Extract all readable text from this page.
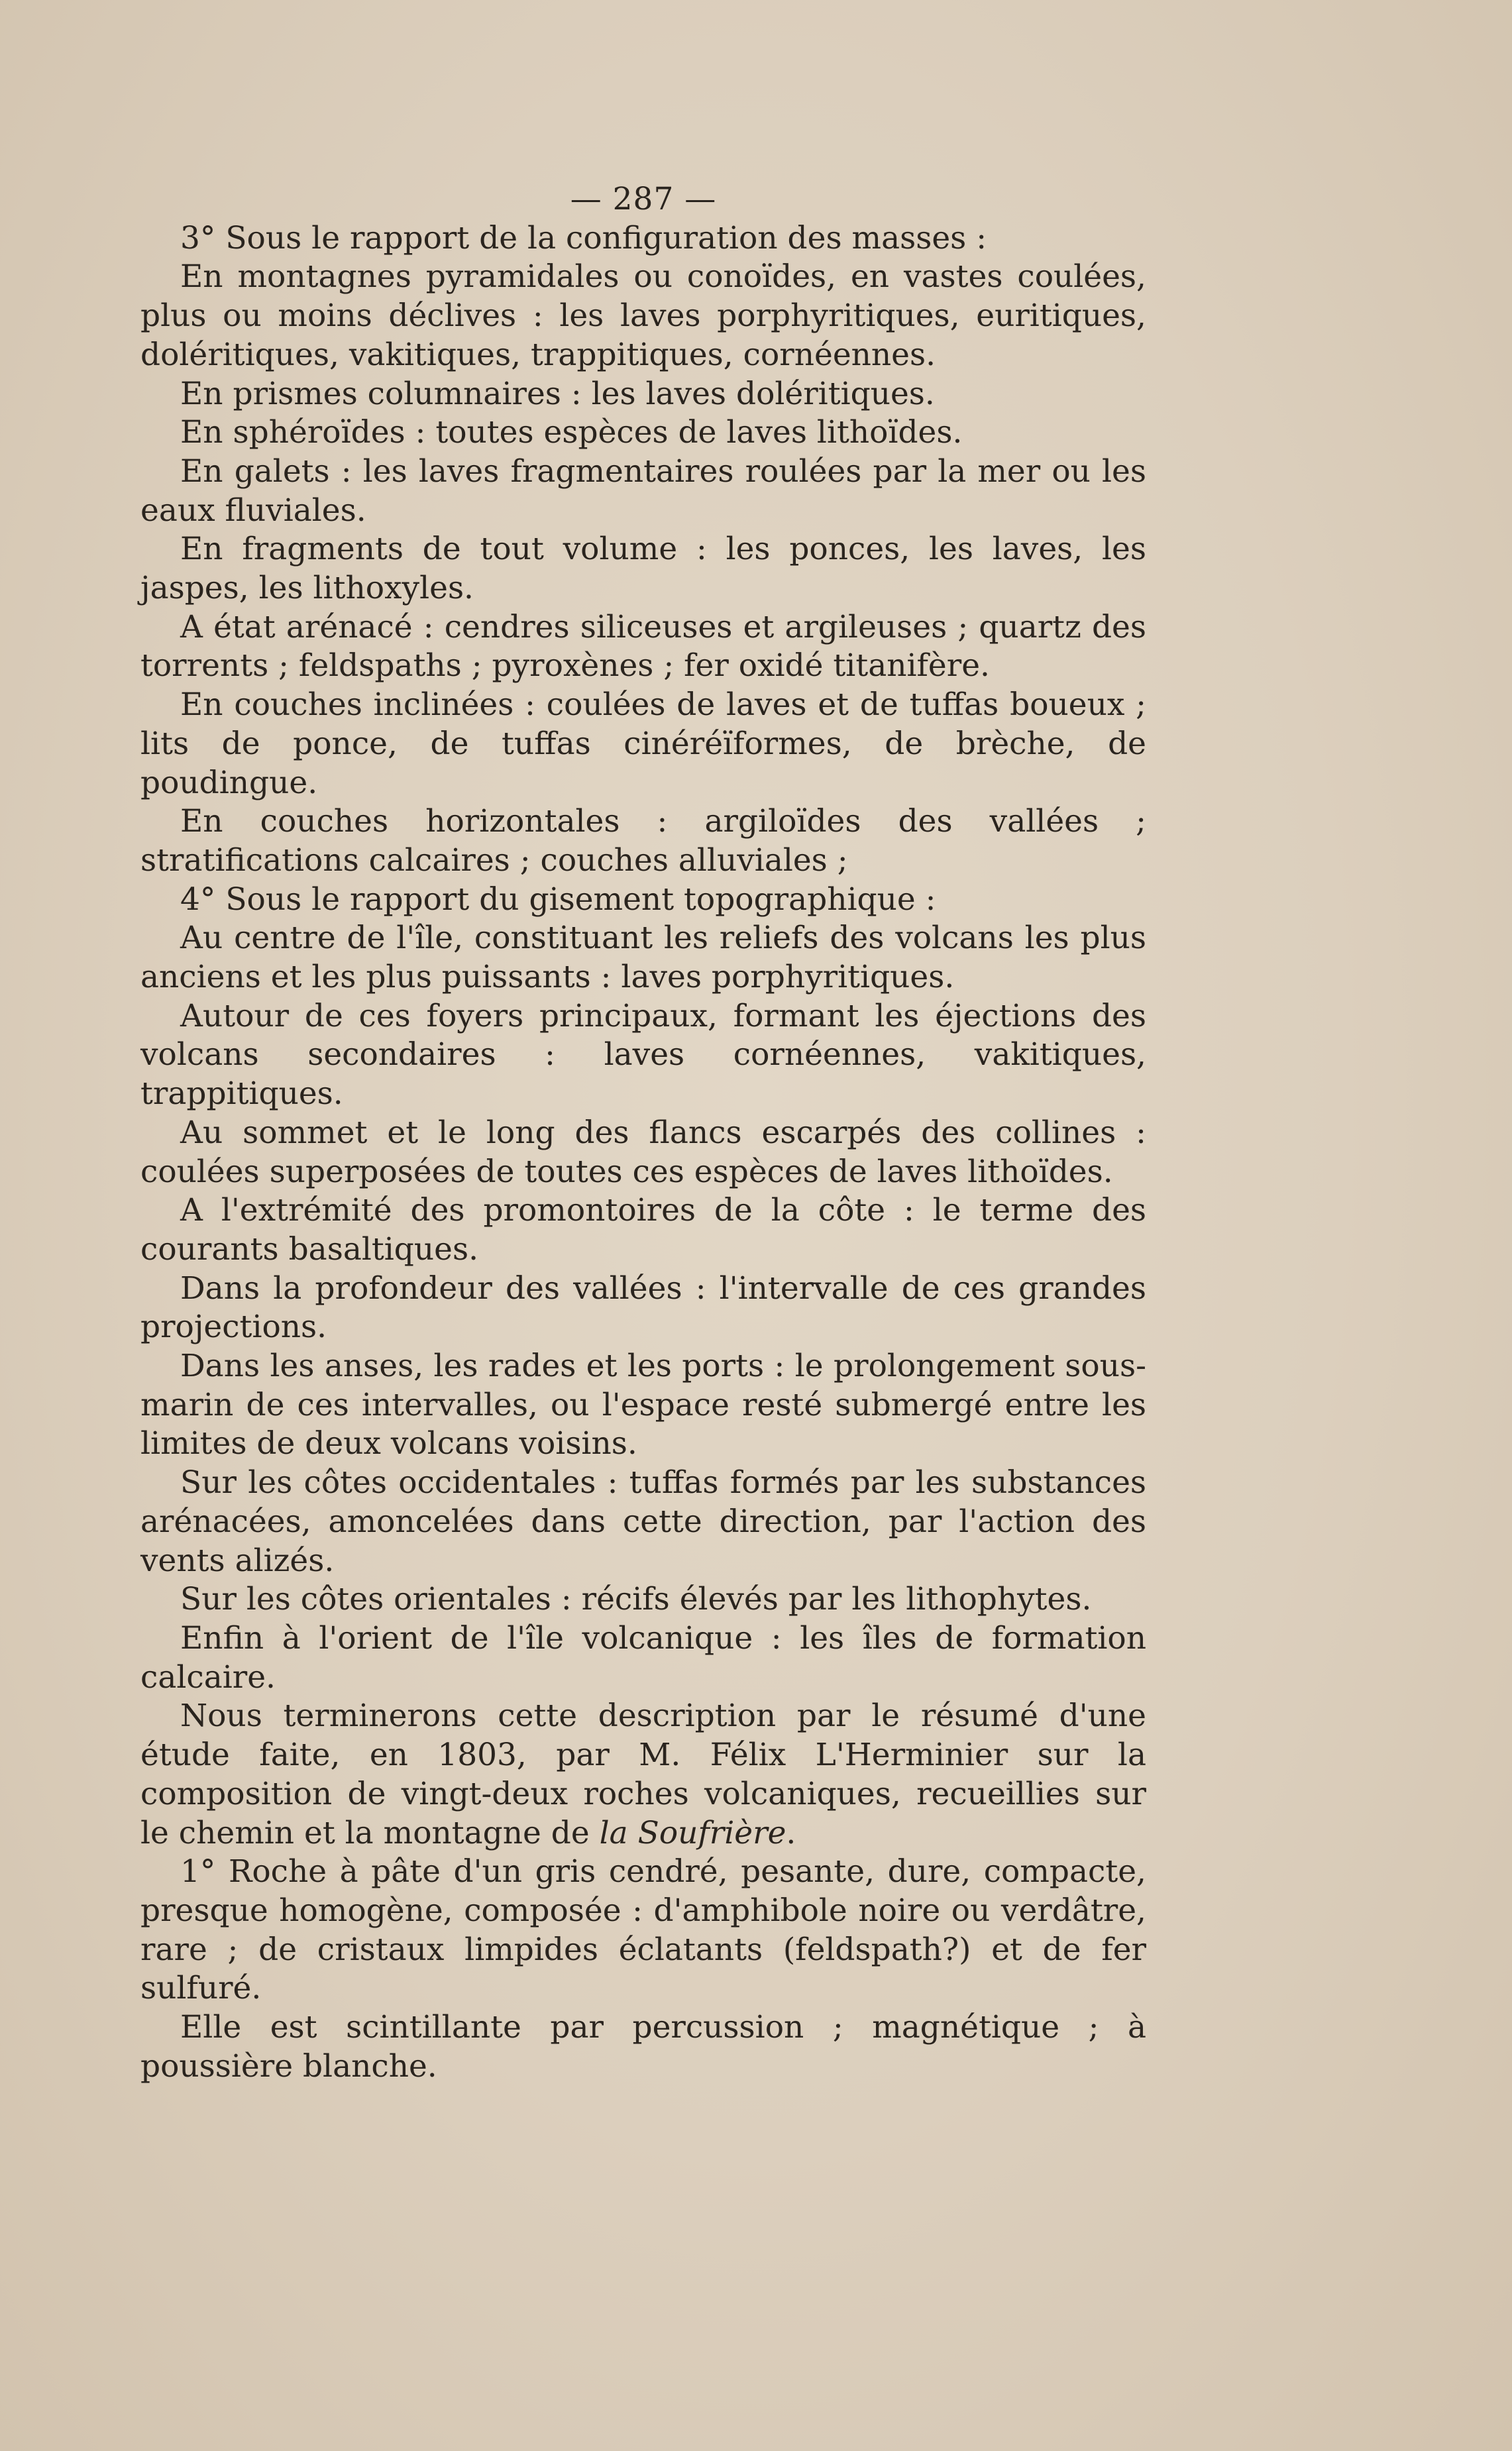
— 287 —

3° Sous le rapport de la configuration des masses :

En montagnes pyramidales ou conoïdes, en vastes coulées, plus ou moins déclives : les laves porphyritiques, euritiques, doléritiques, vakitiques, trappitiques, cornéennes.

En prismes columnaires : les laves doléritiques.

En sphéroïdes : toutes espèces de laves lithoïdes.

En galets : les laves fragmentaires roulées par la mer ou les eaux fluviales.

En fragments de tout volume : les ponces, les laves, les jaspes, les lithoxyles.

A état arénacé : cendres siliceuses et argileuses ; quartz des torrents ; feldspaths ; pyroxènes ; fer oxidé titanifère.

En couches inclinées : coulées de laves et de tuffas boueux ; lits de ponce, de tuffas cinéréïformes, de brèche, de poudingue.

En couches horizontales : argiloïdes des vallées ; stratifications calcaires ; couches alluviales ;

4° Sous le rapport du gisement topographique :

Au centre de l'île, constituant les reliefs des volcans les plus anciens et les plus puissants : laves porphyritiques.

Autour de ces foyers principaux, formant les éjections des volcans secondaires : laves cornéennes, vakitiques, trappitiques.

Au sommet et le long des flancs escarpés des collines : coulées superposées de toutes ces espèces de laves lithoïdes.

A l'extrémité des promontoires de la côte : le terme des courants basaltiques.

Dans la profondeur des vallées : l'intervalle de ces grandes projections.

Dans les anses, les rades et les ports : le prolongement sous-marin de ces intervalles, ou l'espace resté submergé entre les limites de deux volcans voisins.

Sur les côtes occidentales : tuffas formés par les substances arénacées, amoncelées dans cette direction, par l'action des vents alizés.

Sur les côtes orientales : récifs élevés par les lithophytes.

Enfin à l'orient de l'île volcanique : les îles de formation calcaire.

Nous terminerons cette description par le résumé d'une étude faite, en 1803, par M. Félix L'Herminier sur la composition de vingt-deux roches volcaniques, recueillies sur le chemin et la montagne de la Soufrière.

1° Roche à pâte d'un gris cendré, pesante, dure, compacte, presque homogène, composée : d'amphibole noire ou verdâtre, rare ; de cristaux limpides éclatants (feldspath?) et de fer sulfuré.

Elle est scintillante par percussion ; magnétique ; à poussière blanche.
